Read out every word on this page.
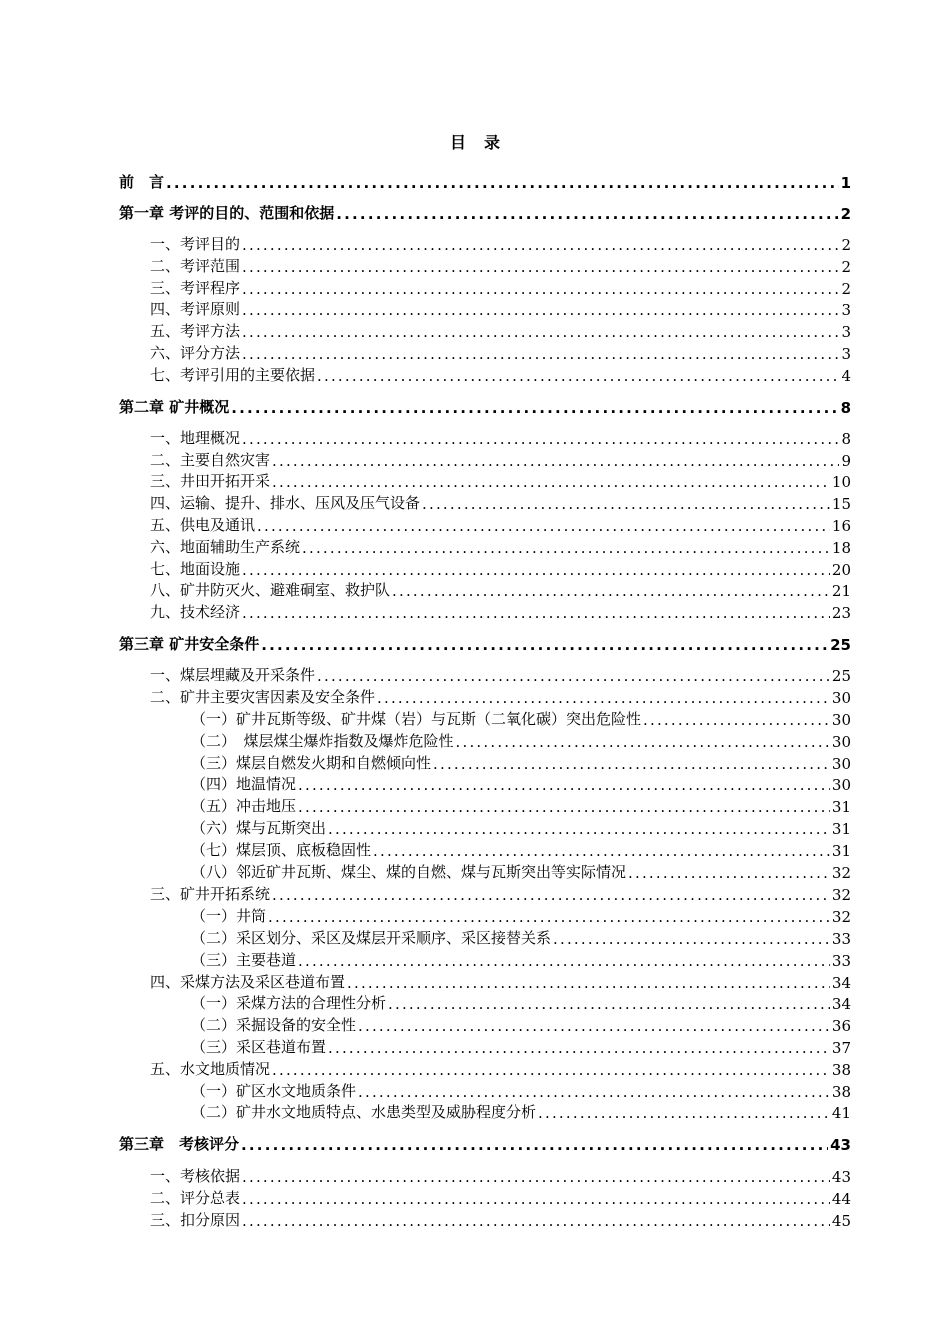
目 录
前　言 .....	1
第一章 考评的目的、范围和依据 .....	2
一、考评目的 .....	2
二、考评范围 .....	2
三、考评程序 .....	2
四、考评原则 .....	3
五、考评方法 .....	3
六、评分方法 .....	3
七、考评引用的主要依据 .....	4
第二章 矿井概况 .....	8
一、地理概况 .....	8
二、主要自然灾害 .....	9
三、井田开拓开采 .....	10
四、运输、提升、排水、压风及压气设备 .....	15
五、供电及通讯 .....	16
六、地面辅助生产系统 .....	18
七、地面设施 .....	20
八、矿井防灭火、避难硐室、救护队 .....	21
九、技术经济 .....	23
第三章 矿井安全条件 .....	25
一、煤层埋藏及开采条件 .....	25
二、矿井主要灾害因素及安全条件 .....	30
（一）矿井瓦斯等级、矿井煤（岩）与瓦斯（二氧化碳）突出危险性 .....	30
（二）　煤层煤尘爆炸指数及爆炸危险性 .....	30
（三）煤层自燃发火期和自燃倾向性 .....	30
（四）地温情况 .....	30
（五）冲击地压 .....	31
（六）煤与瓦斯突出 .....	31
（七）煤层顶、底板稳固性 .....	31
（八）邻近矿井瓦斯、煤尘、煤的自燃、煤与瓦斯突出等实际情况 .....	32
三、矿井开拓系统 .....	32
（一）井筒 .....	32
（二）采区划分、采区及煤层开采顺序、采区接替关系 .....	33
（三）主要巷道 .....	33
四、采煤方法及采区巷道布置 .....	34
（一）采煤方法的合理性分析 .....	34
（二）采掘设备的安全性 .....	36
（三）采区巷道布置 .....	37
五、水文地质情况 .....	38
（一）矿区水文地质条件 .....	38
（二）矿井水文地质特点、水患类型及威胁程度分析 .....	41
第三章　考核评分 .....	43
一、考核依据 .....	43
二、评分总表 .....	44
三、扣分原因 .....	45
